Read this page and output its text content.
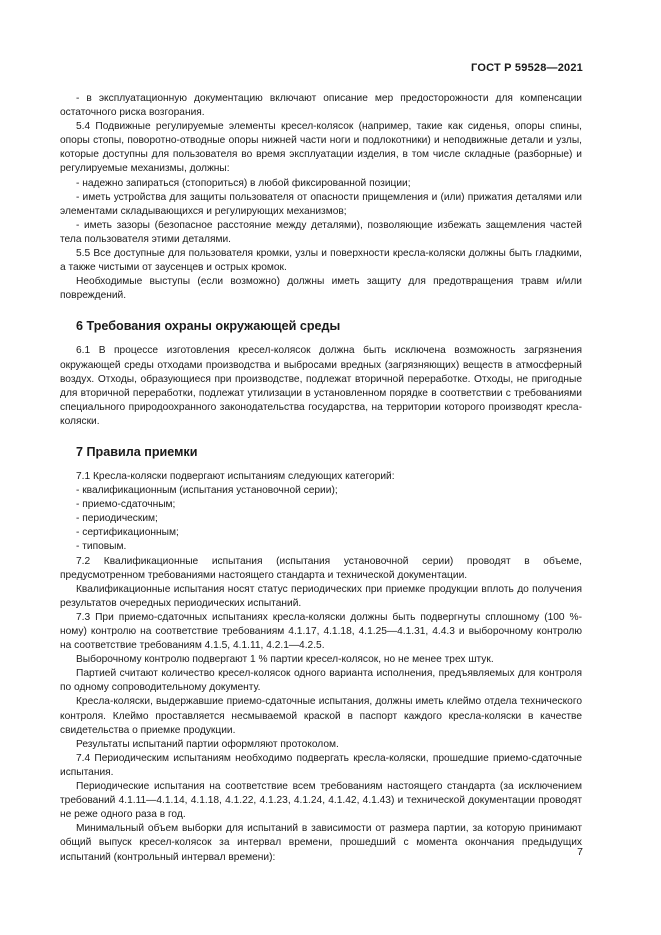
ГОСТ Р 59528—2021

- в эксплуатационную документацию включают описание мер предосторожности для компенсации остаточного риска возгорания.

5.4 Подвижные регулируемые элементы кресел-колясок (например, такие как сиденья, опоры спины, опоры стопы, поворотно-отводные опоры нижней части ноги и подлокотники) и неподвижные детали и узлы, которые доступны для пользователя во время эксплуатации изделия, в том числе складные (разборные) и регулируемые механизмы, должны:

- надежно запираться (стопориться) в любой фиксированной позиции;

- иметь устройства для защиты пользователя от опасности прищемления и (или) прижатия деталями или элементами складывающихся и регулирующих механизмов;

- иметь зазоры (безопасное расстояние между деталями), позволяющие избежать защемления частей тела пользователя этими деталями.

5.5 Все доступные для пользователя кромки, узлы и поверхности кресла-коляски должны быть гладкими, а также чистыми от заусенцев и острых кромок.

Необходимые выступы (если возможно) должны иметь защиту для предотвращения травм и/или повреждений.

6 Требования охраны окружающей среды

6.1 В процессе изготовления кресел-колясок должна быть исключена возможность загрязнения окружающей среды отходами производства и выбросами вредных (загрязняющих) веществ в атмосферный воздух. Отходы, образующиеся при производстве, подлежат вторичной переработке. Отходы, не пригодные для вторичной переработки, подлежат утилизации в установленном порядке в соответствии с требованиями специального природоохранного законодательства государства, на территории которого производят кресла-коляски.

7 Правила приемки

7.1 Кресла-коляски подвергают испытаниям следующих категорий:

- квалификационным (испытания установочной серии);

- приемо-сдаточным;

- периодическим;

- сертификационным;

- типовым.

7.2 Квалификационные испытания (испытания установочной серии) проводят в объеме, предусмотренном требованиями настоящего стандарта и технической документации.

Квалификационные испытания носят статус периодических при приемке продукции вплоть до получения результатов очередных периодических испытаний.

7.3 При приемо-сдаточных испытаниях кресла-коляски должны быть подвергнуты сплошному (100 %-ному) контролю на соответствие требованиям 4.1.17, 4.1.18, 4.1.25—4.1.31, 4.4.3 и выборочному контролю на соответствие требованиям 4.1.5, 4.1.11, 4.2.1—4.2.5.

Выборочному контролю подвергают 1 % партии кресел-колясок, но не менее трех штук.

Партией считают количество кресел-колясок одного варианта исполнения, предъявляемых для контроля по одному сопроводительному документу.

Кресла-коляски, выдержавшие приемо-сдаточные испытания, должны иметь клеймо отдела технического контроля. Клеймо проставляется несмываемой краской в паспорт каждого кресла-коляски в качестве свидетельства о приемке продукции.

Результаты испытаний партии оформляют протоколом.

7.4 Периодическим испытаниям необходимо подвергать кресла-коляски, прошедшие приемо-сдаточные испытания.

Периодические испытания на соответствие всем требованиям настоящего стандарта (за исключением требований 4.1.11—4.1.14, 4.1.18, 4.1.22, 4.1.23, 4.1.24, 4.1.42, 4.1.43) и технической документации проводят не реже одного раза в год.

Минимальный объем выборки для испытаний в зависимости от размера партии, за которую принимают общий выпуск кресел-колясок за интервал времени, прошедший с момента окончания предыдущих испытаний (контрольный интервал времени):	7
